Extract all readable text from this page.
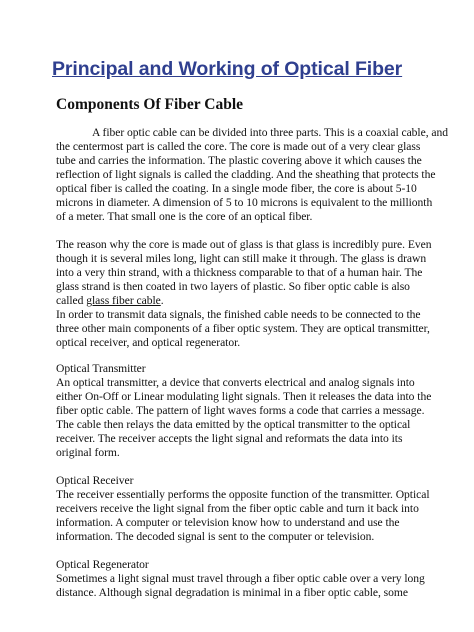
Principal and Working of Optical Fiber
Components Of Fiber Cable
A fiber optic cable can be divided into three parts. This is a coaxial cable, and
the centermost part is called the core. The core is made out of a very clear glass
tube and carries the information. The plastic covering above it which causes the
reflection of light signals is called the cladding. And the sheathing that protects the
optical fiber is called the coating. In a single mode fiber, the core is about 5-10
microns in diameter. A dimension of 5 to 10 microns is equivalent to the millionth
of a meter. That small one is the core of an optical fiber.
The reason why the core is made out of glass is that glass is incredibly pure. Even
though it is several miles long, light can still make it through. The glass is drawn
into a very thin strand, with a thickness comparable to that of a human hair. The
glass strand is then coated in two layers of plastic. So fiber optic cable is also
called glass fiber cable.
In order to transmit data signals, the finished cable needs to be connected to the
three other main components of a fiber optic system. They are optical transmitter,
optical receiver, and optical regenerator.
Optical Transmitter
An optical transmitter, a device that converts electrical and analog signals into
either On-Off or Linear modulating light signals. Then it releases the data into the
fiber optic cable. The pattern of light waves forms a code that carries a message.
The cable then relays the data emitted by the optical transmitter to the optical
receiver. The receiver accepts the light signal and reformats the data into its
original form.
Optical Receiver
The receiver essentially performs the opposite function of the transmitter. Optical
receivers receive the light signal from the fiber optic cable and turn it back into
information. A computer or television know how to understand and use the
information. The decoded signal is sent to the computer or television.
Optical Regenerator
Sometimes a light signal must travel through a fiber optic cable over a very long
distance. Although signal degradation is minimal in a fiber optic cable, some
